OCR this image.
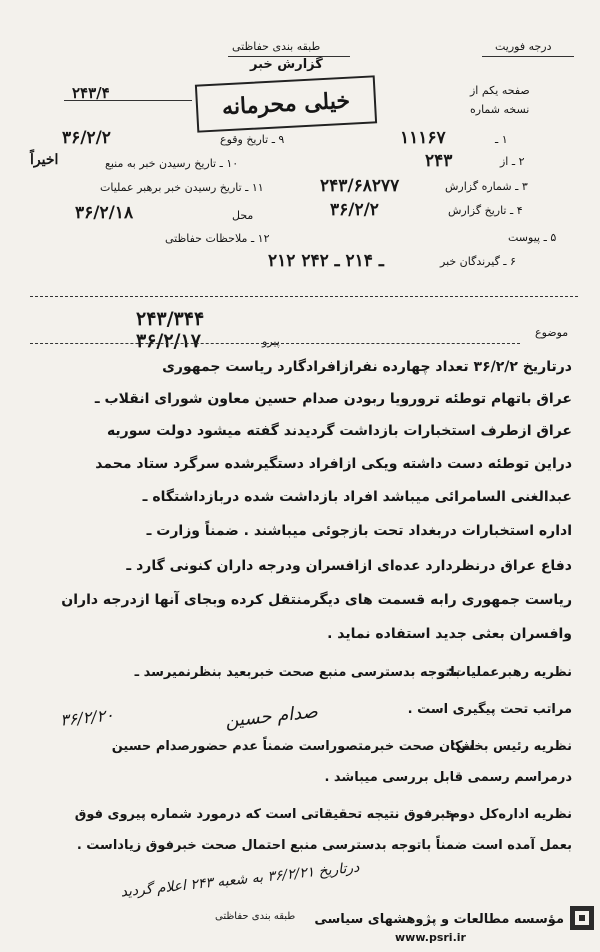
درجه فوریت
طبقه بندی حفاظتی
گزارش خبر
صفحه یکم از
نسخه شماره
۲۴۳/۴	خیلی محرمانه
۱ ـ
۱۱۱۶۷
۲ ـ از
۲۴۳
۳ ـ شماره گزارش
۲۴۳/۶۸۲۷۷
۴ ـ تاریخ گزارش
۳۶/۲/۲
۵ ـ پیوست
۶ ـ گیرندگان خبر
۲۱۲ ـ ۲۱۴ ـ ۲۴۲
۹ ـ تاریخ وقوع
۳۶/۲/۲
۱۰ ـ تاریخ رسیدن خبر به منبع
اخیراً
۱۱ ـ تاریخ رسیدن خبر برهبر عملیات
محل
۳۶/۲/۱۸
۱۲ ـ ملاحظات حفاظتی
موضوع
۲۴۳/۳۴۴
پیرو
۳۶/۲/۱۷
درتاریخ ۳۶/۲/۲ تعداد چهارده نفرازافرادگارد ریاست جمهوری
عراق باتهام توطئه ترورویا ربودن صدام حسین معاون شورای انقلاب ـ
عراق ازطرف استخبارات بازداشت گردیدند گفته میشود دولت سوریه
دراین توطئه دست داشته ویکی ازافراد دستگیرشده سرگرد ستاد محمد
عبدالغنی السامرائی میباشد افراد بازداشت شده دربازداشتگاه ـ
اداره استخبارات دربغداد تحت بازجوئی میباشند . ضمناً وزارت ـ
دفاع عراق درنظردارد عده‌ای ازافسران ودرجه داران کنونی گارد ـ
ریاست جمهوری رابه قسمت های دیگرمنتقل کرده وبجای آنها ازدرجه داران
وافسران بعثی جدید استفاده نماید .
نظریه رهبرعملیات:
باتوجه بدسترسی منبع صحت خبربعید بنظرنمیرسد ـ
مراتب تحت پیگیری است .
۳۶/۲/۲۰	صدام حسین
نظریه رئیس بخش:
امکان صحت خبرمتصوراست ضمناً عدم حضورصدام حسین
درمراسم رسمی قابل بررسی میباشد .
نظریه اداره‌کل دوم:
خبرفوق نتیجه تحقیقاتی است که درمورد شماره پیروی فوق
بعمل آمده است ضمناً باتوجه بدسترسی منبع احتمال صحت خبرفوق زیاداست .
درتاریخ ۳۶/۲/۲۱ به شعبه ۲۴۳ اعلام گردید
طبقه بندی حفاظتی مؤسسه مطالعات و پژوهشهای سیاسی
www.psri.ir
